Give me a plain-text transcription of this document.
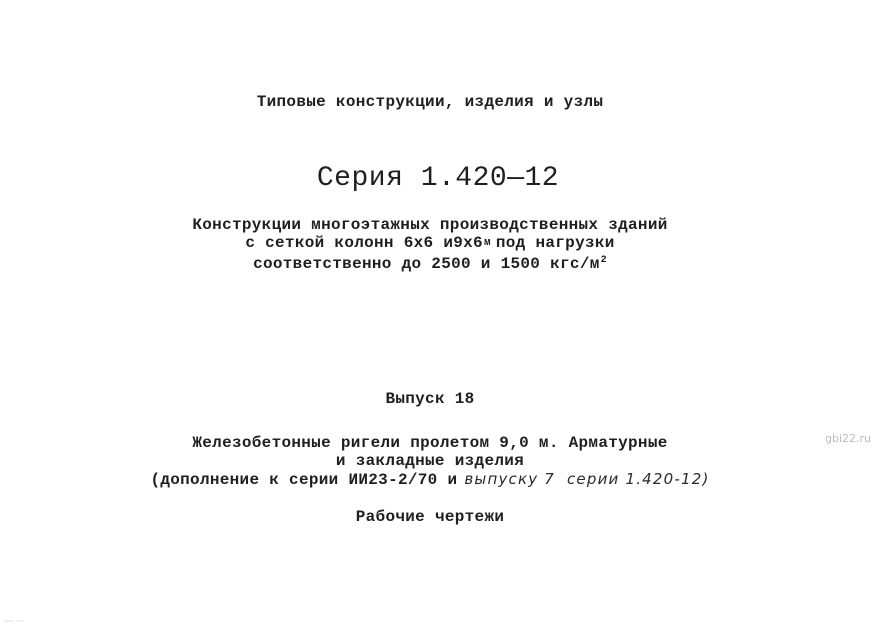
Типовые конструкции, изделия и узлы
Серия 1.420—12
Конструкции многоэтажных производственных зданий
с сеткой колонн 6х6 и9х6м под нагрузки
соответственно до 2500 и 1500 кгс/$м^2$
Выпуск 18
Железобетонные ригели пролетом 9,0 м. Арматурные
и закладные изделия
(дополнение к серии ИИ23-2/70 и выпуску 7  серии 1.420-12)
Рабочие чертежи
gbi22.ru
